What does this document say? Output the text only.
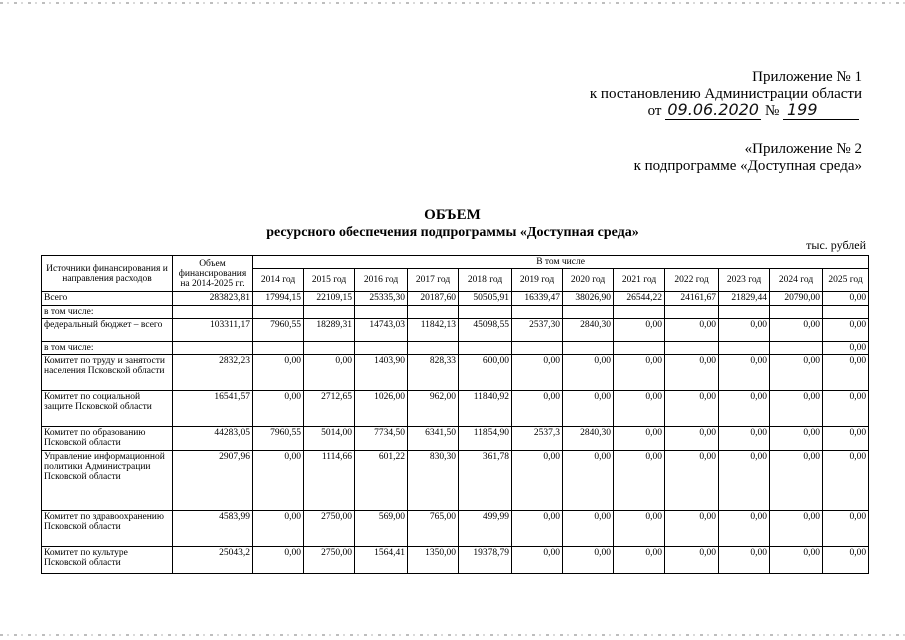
Приложение № 1
к постановлению Администрации области
от 09.06.2020 № 199
«Приложение № 2
к подпрограмме «Доступная среда»
ОБЪЕМ
ресурсного обеспечения подпрограммы «Доступная среда»
тыс. рублей
Источники финансирования и направления расходов	Объем финансирования на 2014-2025 гг.	В том числе											
		2014 год	2015 год	2016 год	2017 год	2018 год	2019 год	2020 год	2021 год	2022 год	2023 год	2024 год	2025 год
Всего	283823,81	17994,15	22109,15	25335,30	20187,60	50505,91	16339,47	38026,90	26544,22	24161,67	21829,44	20790,00	0,00
в том числе:													
федеральный бюджет – всего	103311,17	7960,55	18289,31	14743,03	11842,13	45098,55	2537,30	2840,30	0,00	0,00	0,00	0,00	0,00
в том числе:													0,00
Комитет по труду и занятости населения Псковской области	2832,23	0,00	0,00	1403,90	828,33	600,00	0,00	0,00	0,00	0,00	0,00	0,00	0,00
Комитет по социальной защите Псковской области	16541,57	0,00	2712,65	1026,00	962,00	11840,92	0,00	0,00	0,00	0,00	0,00	0,00	0,00
Комитет по образованию Псковской области	44283,05	7960,55	5014,00	7734,50	6341,50	11854,90	2537,3	2840,30	0,00	0,00	0,00	0,00	0,00
Управление информационной политики Администрации Псковской области	2907,96	0,00	1114,66	601,22	830,30	361,78	0,00	0,00	0,00	0,00	0,00	0,00	0,00
Комитет по здравоохранению Псковской области	4583,99	0,00	2750,00	569,00	765,00	499,99	0,00	0,00	0,00	0,00	0,00	0,00	0,00
Комитет по культуре Псковской области	25043,2	0,00	2750,00	1564,41	1350,00	19378,79	0,00	0,00	0,00	0,00	0,00	0,00	0,00
